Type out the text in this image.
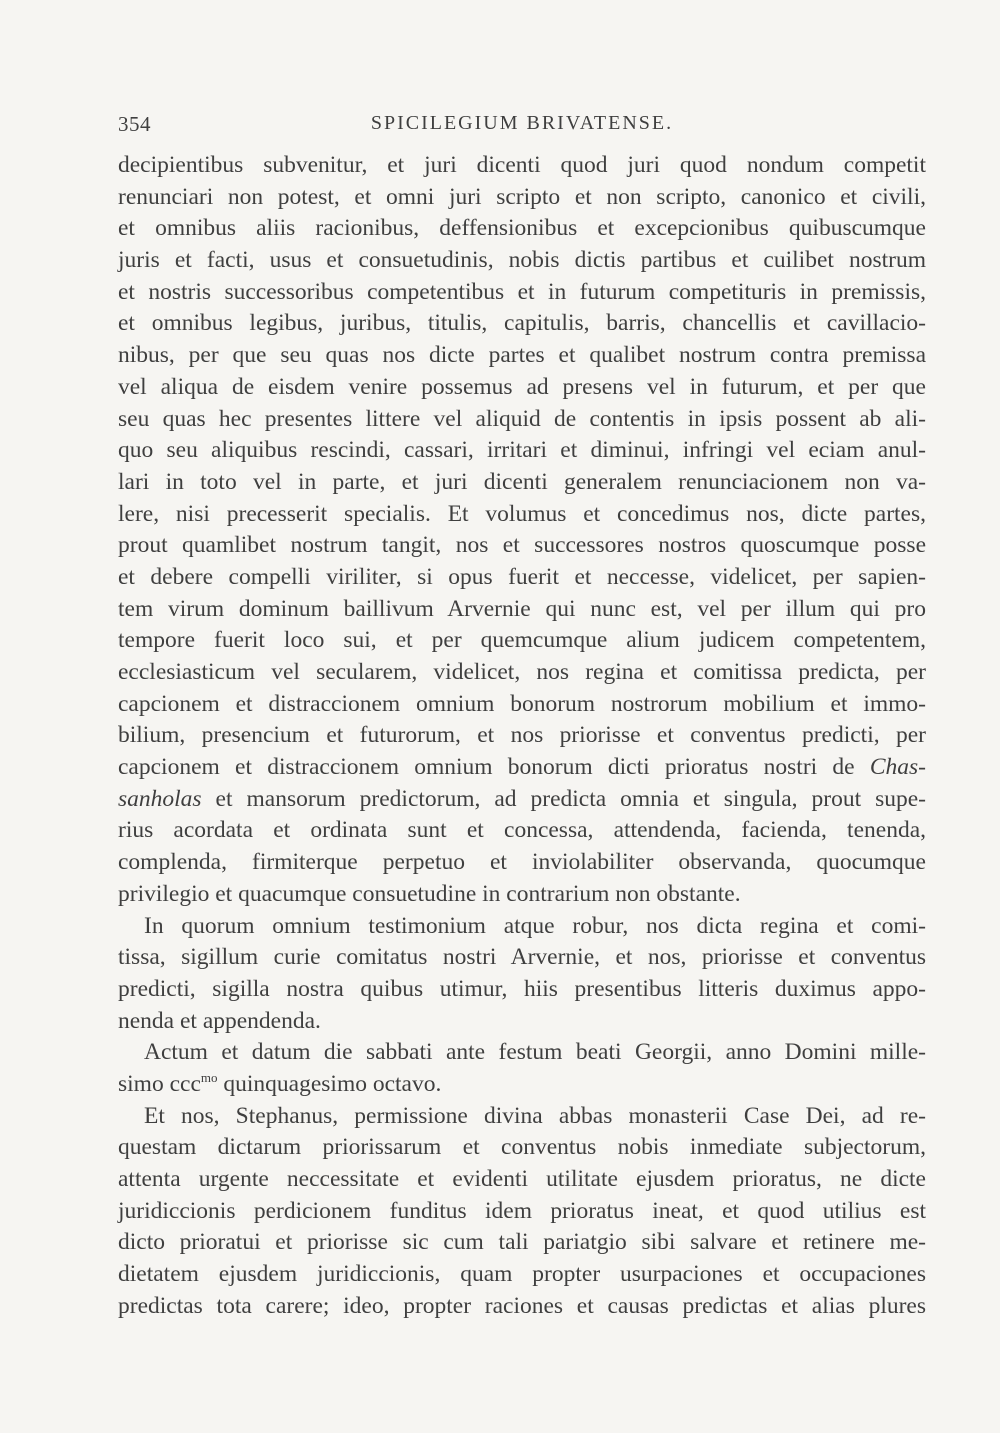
354	SPICILEGIUM BRIVATENSE.
decipientibus subvenitur, et juri dicenti quod juri quod nondum competit
renunciari non potest, et omni juri scripto et non scripto, canonico et civili,
et omnibus aliis racionibus, deffensionibus et excepcionibus quibuscumque
juris et facti, usus et consuetudinis, nobis dictis partibus et cuilibet nostrum
et nostris successoribus competentibus et in futurum competituris in premissis,
et omnibus legibus, juribus, titulis, capitulis, barris, chancellis et cavillacio-
nibus, per que seu quas nos dicte partes et qualibet nostrum contra premissa
vel aliqua de eisdem venire possemus ad presens vel in futurum, et per que
seu quas hec presentes littere vel aliquid de contentis in ipsis possent ab ali-
quo seu aliquibus rescindi, cassari, irritari et diminui, infringi vel eciam anul-
lari in toto vel in parte, et juri dicenti generalem renunciacionem non va-
lere, nisi precesserit specialis. Et volumus et concedimus nos, dicte partes,
prout quamlibet nostrum tangit, nos et successores nostros quoscumque posse
et debere compelli viriliter, si opus fuerit et neccesse, videlicet, per sapien-
tem virum dominum baillivum Arvernie qui nunc est, vel per illum qui pro
tempore fuerit loco sui, et per quemcumque alium judicem competentem,
ecclesiasticum vel secularem, videlicet, nos regina et comitissa predicta, per
capcionem et distraccionem omnium bonorum nostrorum mobilium et immo-
bilium, presencium et futurorum, et nos priorisse et conventus predicti, per
capcionem et distraccionem omnium bonorum dicti prioratus nostri de Chas-
sanholas et mansorum predictorum, ad predicta omnia et singula, prout supe-
rius acordata et ordinata sunt et concessa, attendenda, facienda, tenenda,
complenda, firmiterque perpetuo et inviolabiliter observanda, quocumque
privilegio et quacumque consuetudine in contrarium non obstante.
In quorum omnium testimonium atque robur, nos dicta regina et comi-
tissa, sigillum curie comitatus nostri Arvernie, et nos, priorisse et conventus
predicti, sigilla nostra quibus utimur, hiis presentibus litteris duximus appo-
nenda et appendenda.
Actum et datum die sabbati ante festum beati Georgii, anno Domini mille-
simo ccc$^{mo}$ quinquagesimo octavo.
Et nos, Stephanus, permissione divina abbas monasterii Case Dei, ad re-
questam dictarum priorissarum et conventus nobis inmediate subjectorum,
attenta urgente neccessitate et evidenti utilitate ejusdem prioratus, ne dicte
juridiccionis perdicionem funditus idem prioratus ineat, et quod utilius est
dicto prioratui et priorisse sic cum tali pariatgio sibi salvare et retinere me-
dietatem ejusdem juridiccionis, quam propter usurpaciones et occupaciones
predictas tota carere; ideo, propter raciones et causas predictas et alias plures
